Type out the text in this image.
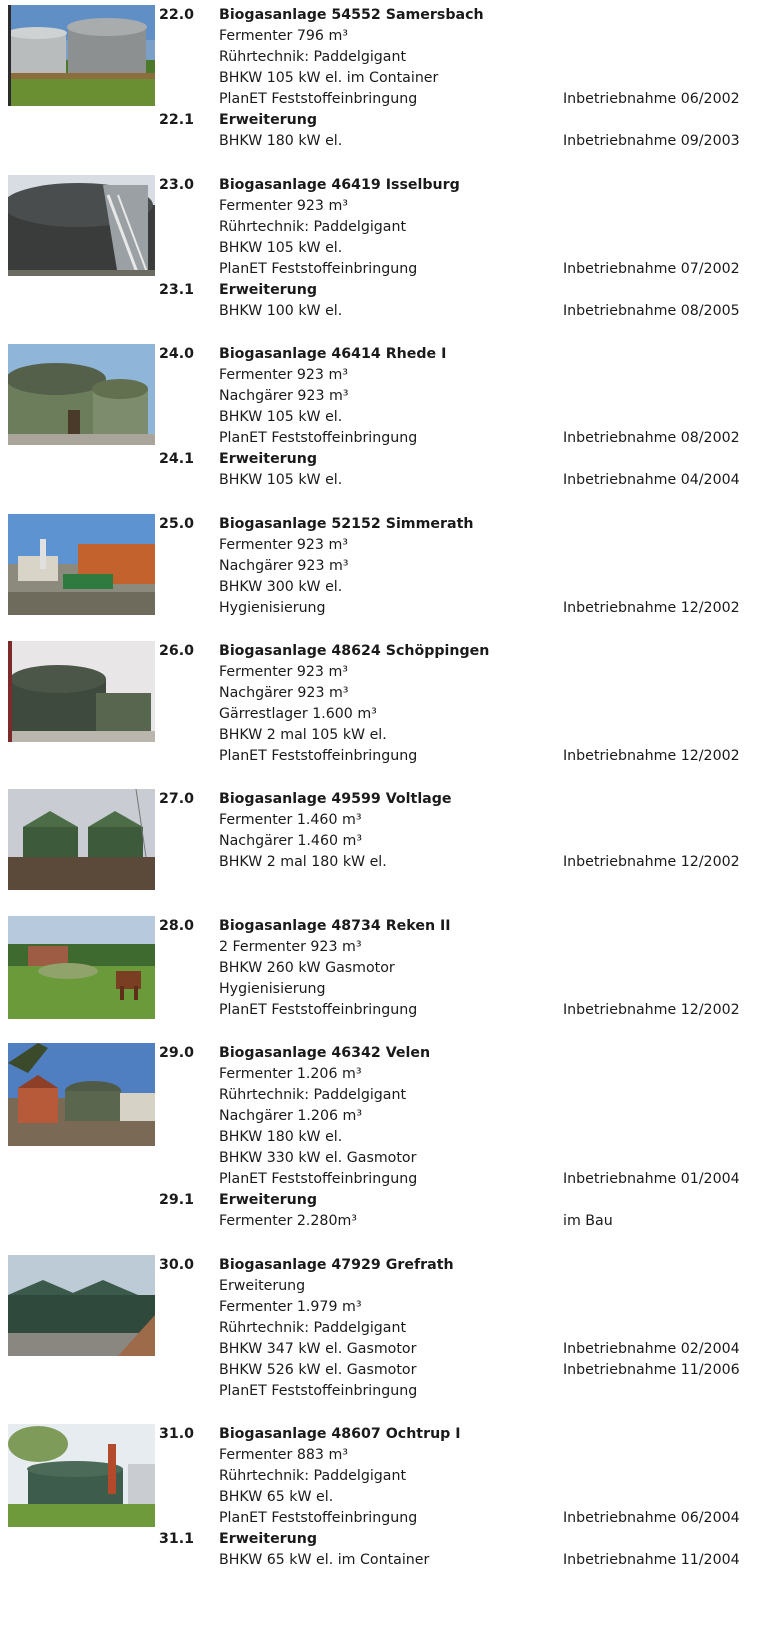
22.0	Biogasanlage 54552 Samersbach
Fermenter 796 m³
Rührtechnik: Paddelgigant
BHKW 105 kW el. im Container
PlanET Feststoffeinbringung	Inbetriebnahme 06/2002
22.1	Erweiterung
BHKW 180 kW el.	Inbetriebnahme 09/2003
23.0	Biogasanlage 46419 Isselburg
Fermenter 923 m³
Rührtechnik: Paddelgigant
BHKW 105 kW el.
PlanET Feststoffeinbringung	Inbetriebnahme 07/2002
23.1	Erweiterung
BHKW 100 kW el.	Inbetriebnahme 08/2005
24.0	Biogasanlage 46414 Rhede I
Fermenter 923 m³
Nachgärer 923 m³
BHKW 105 kW el.
PlanET Feststoffeinbringung	Inbetriebnahme 08/2002
24.1	Erweiterung
BHKW 105 kW el.	Inbetriebnahme 04/2004
25.0	Biogasanlage 52152 Simmerath
Fermenter 923 m³
Nachgärer 923 m³
BHKW 300 kW el.
Hygienisierung	Inbetriebnahme 12/2002
26.0	Biogasanlage 48624 Schöppingen
Fermenter 923 m³
Nachgärer 923 m³
Gärrestlager 1.600 m³
BHKW 2 mal 105 kW el.
PlanET Feststoffeinbringung	Inbetriebnahme 12/2002
27.0	Biogasanlage 49599 Voltlage
Fermenter 1.460 m³
Nachgärer 1.460 m³
BHKW 2 mal 180 kW el.	Inbetriebnahme 12/2002
28.0	Biogasanlage 48734 Reken II
2 Fermenter 923 m³
BHKW 260 kW Gasmotor
Hygienisierung
PlanET Feststoffeinbringung	Inbetriebnahme 12/2002
29.0	Biogasanlage 46342 Velen
Fermenter 1.206 m³
Rührtechnik: Paddelgigant
Nachgärer 1.206 m³
BHKW 180 kW el.
BHKW 330 kW el. Gasmotor
PlanET Feststoffeinbringung	Inbetriebnahme 01/2004
29.1	Erweiterung
Fermenter 2.280m³	im Bau
30.0	Biogasanlage 47929 Grefrath
Erweiterung
Fermenter 1.979 m³
Rührtechnik: Paddelgigant
BHKW 347 kW el. Gasmotor	Inbetriebnahme 02/2004
BHKW 526 kW el. Gasmotor	Inbetriebnahme 11/2006
PlanET Feststoffeinbringung
31.0	Biogasanlage 48607 Ochtrup I
Fermenter 883 m³
Rührtechnik: Paddelgigant
BHKW 65 kW el.
PlanET Feststoffeinbringung	Inbetriebnahme 06/2004
31.1	Erweiterung
BHKW 65 kW el. im Container	Inbetriebnahme 11/2004
